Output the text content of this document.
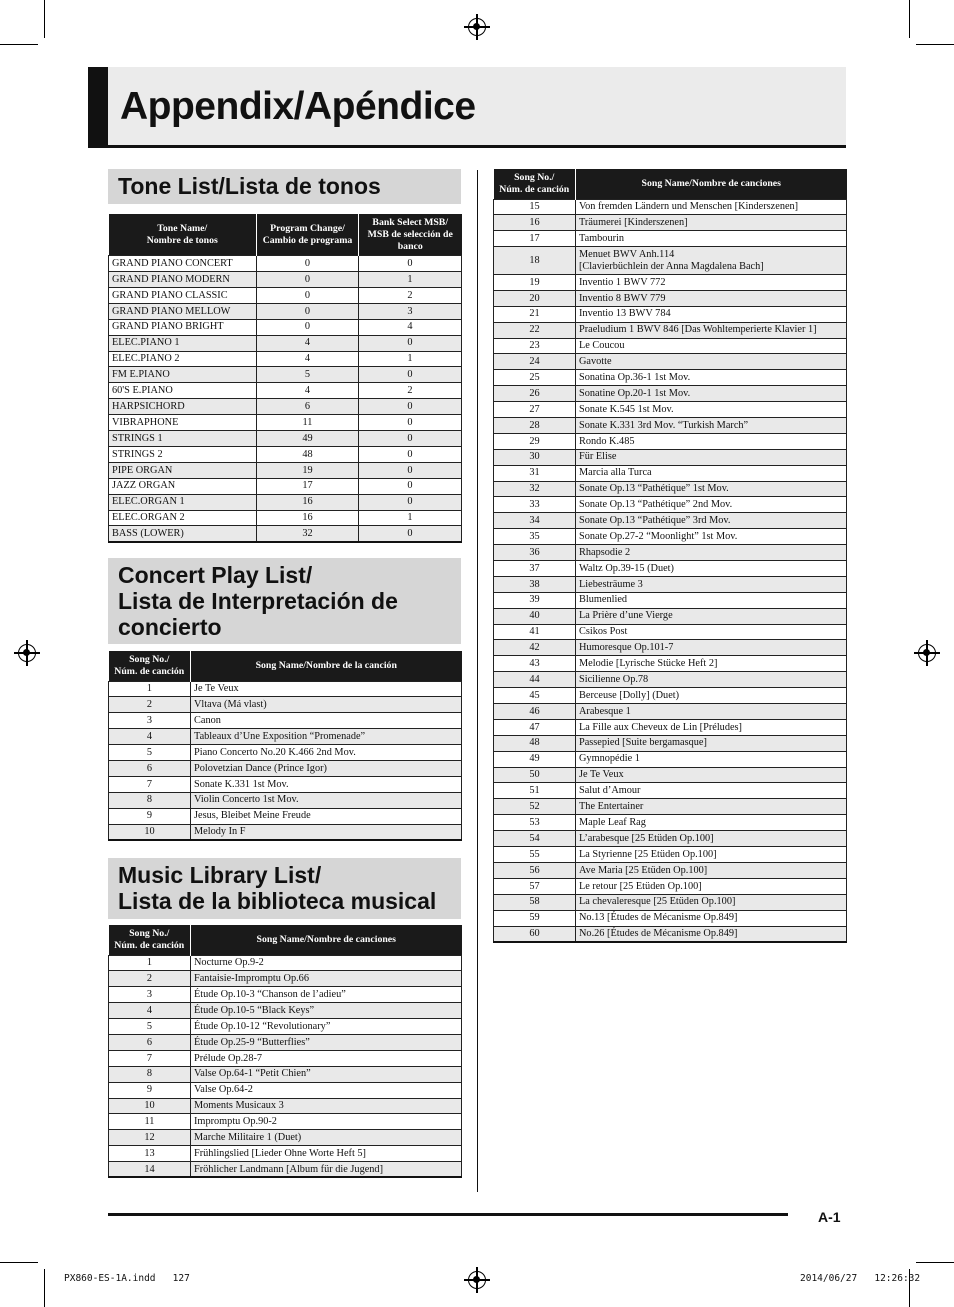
Appendix/Apéndice
Tone List/Lista de tonos
Tone Name/
Nombre de tonos	Program Change/
Cambio de programa	Bank Select MSB/
MSB de selección de
banco
GRAND PIANO CONCERT	0	0
GRAND PIANO MODERN	0	1
GRAND PIANO CLASSIC	0	2
GRAND PIANO MELLOW	0	3
GRAND PIANO BRIGHT	0	4
ELEC.PIANO 1	4	0
ELEC.PIANO 2	4	1
FM E.PIANO	5	0
60'S E.PIANO	4	2
HARPSICHORD	6	0
VIBRAPHONE	11	0
STRINGS 1	49	0
STRINGS 2	48	0
PIPE ORGAN	19	0
JAZZ ORGAN	17	0
ELEC.ORGAN 1	16	0
ELEC.ORGAN 2	16	1
BASS (LOWER)	32	0
Concert Play List/
Lista de Interpretación de
concierto
Song No./
Núm. de canción	Song Name/Nombre de la canción
1	Je Te Veux
2	Vltava (Má vlast)
3	Canon
4	Tableaux d’Une Exposition “Promenade”
5	Piano Concerto No.20 K.466 2nd Mov.
6	Polovetzian Dance (Prince Igor)
7	Sonate K.331 1st Mov.
8	Violin Concerto 1st Mov.
9	Jesus, Bleibet Meine Freude
10	Melody In F
Music Library List/
Lista de la biblioteca musical
Song No./
Núm. de canción	Song Name/Nombre de canciones
1	Nocturne Op.9-2
2	Fantaisie-Impromptu Op.66
3	Étude Op.10-3 “Chanson de l’adieu”
4	Étude Op.10-5 “Black Keys”
5	Étude Op.10-12 “Revolutionary”
6	Étude Op.25-9 “Butterflies”
7	Prélude Op.28-7
8	Valse Op.64-1 “Petit Chien”
9	Valse Op.64-2
10	Moments Musicaux 3
11	Impromptu Op.90-2
12	Marche Militaire 1 (Duet)
13	Frühlingslied [Lieder Ohne Worte Heft 5]
14	Fröhlicher Landmann [Album für die Jugend]
Song No./
Núm. de canción	Song Name/Nombre de canciones
15	Von fremden Ländern und Menschen [Kinderszenen]
16	Träumerei [Kinderszenen]
17	Tambourin
18	Menuet BWV Anh.114
[Clavierbüchlein der Anna Magdalena Bach]
19	Inventio 1 BWV 772
20	Inventio 8 BWV 779
21	Inventio 13 BWV 784
22	Praeludium 1 BWV 846 [Das Wohltemperierte Klavier 1]
23	Le Coucou
24	Gavotte
25	Sonatina Op.36-1 1st Mov.
26	Sonatine Op.20-1 1st Mov.
27	Sonate K.545 1st Mov.
28	Sonate K.331 3rd Mov. “Turkish March”
29	Rondo K.485
30	Für Elise
31	Marcia alla Turca
32	Sonate Op.13 “Pathétique” 1st Mov.
33	Sonate Op.13 “Pathétique” 2nd Mov.
34	Sonate Op.13 “Pathétique” 3rd Mov.
35	Sonate Op.27-2 “Moonlight” 1st Mov.
36	Rhapsodie 2
37	Waltz Op.39-15 (Duet)
38	Liebesträume 3
39	Blumenlied
40	La Prière d’une Vierge
41	Csikos Post
42	Humoresque Op.101-7
43	Melodie [Lyrische Stücke Heft 2]
44	Sicilienne Op.78
45	Berceuse [Dolly] (Duet)
46	Arabesque 1
47	La Fille aux Cheveux de Lin [Préludes]
48	Passepied [Suite bergamasque]
49	Gymnopédie 1
50	Je Te Veux
51	Salut d’Amour
52	The Entertainer
53	Maple Leaf Rag
54	L’arabesque [25 Etüden Op.100]
55	La Styrienne [25 Etüden Op.100]
56	Ave Maria [25 Etüden Op.100]
57	Le retour [25 Etüden Op.100]
58	La chevaleresque [25 Etüden Op.100]
59	No.13 [Études de Mécanisme Op.849]
60	No.26 [Études de Mécanisme Op.849]
A-1
PX860-ES-1A.indd   127	2014/06/27   12:26:32
